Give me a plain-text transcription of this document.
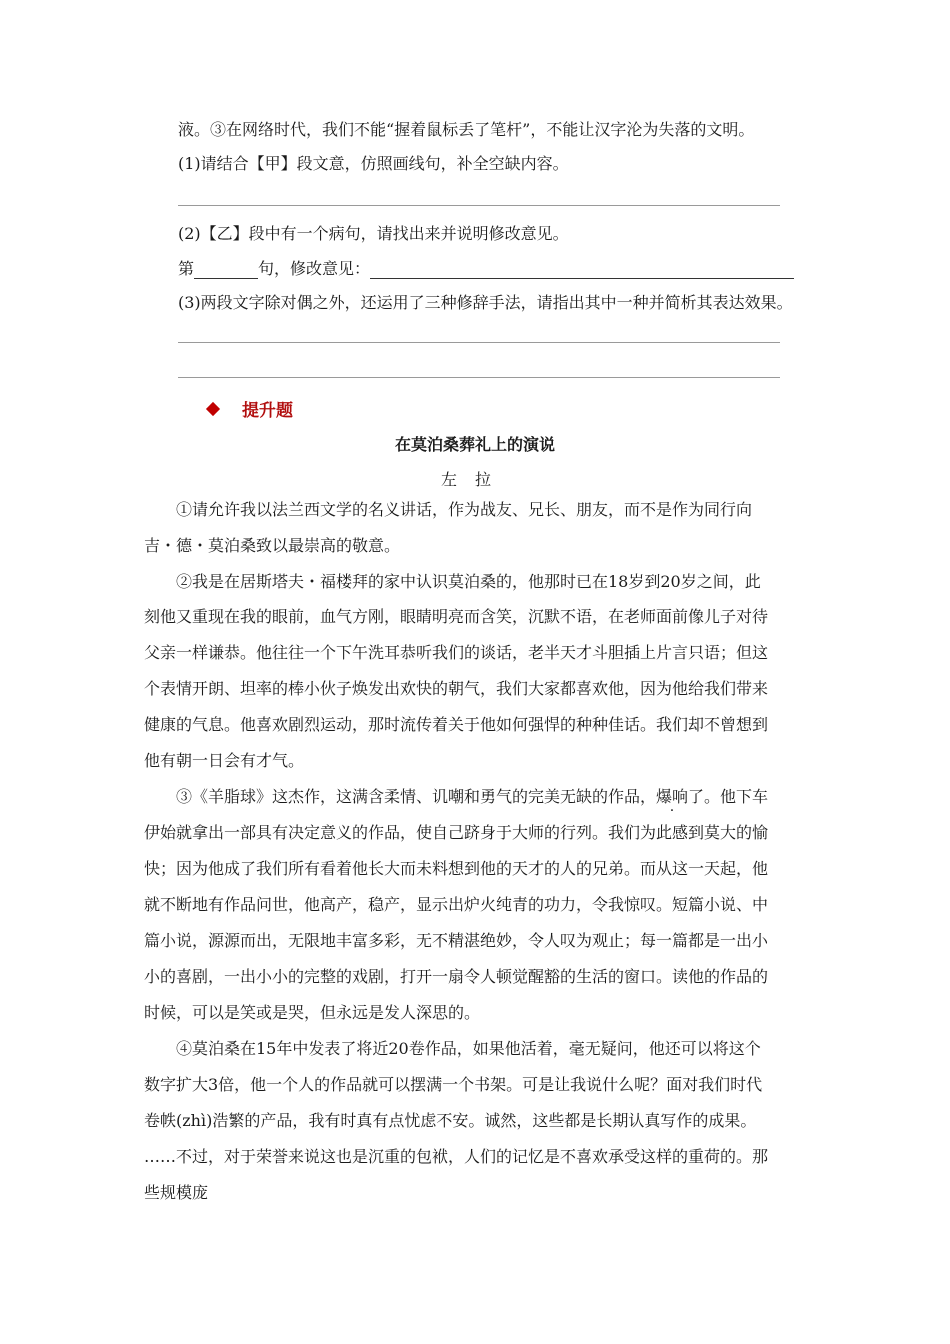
液。③在网络时代，我们不能“握着鼠标丢了笔杆”，不能让汉字沦为失落的文明。
(1)请结合【甲】段文意，仿照画线句，补全空缺内容。
(2)【乙】段中有一个病句，请找出来并说明修改意见。
第	句，修改意见：
(3)两段文字除对偶之外，还运用了三种修辞手法，请指出其中一种并简析其表达效果。
提升题
在莫泊桑葬礼上的演说
左拉
①请允许我以法兰西文学的名义讲话，作为战友、兄长、朋友，而不是作为同行向
吉・德・莫泊桑致以最崇高的敬意。
②我是在居斯塔夫・福楼拜的家中认识莫泊桑的，他那时已在18岁到20岁之间，此
刻他又重现在我的眼前，血气方刚，眼睛明亮而含笑，沉默不语，在老师面前像儿子对待
父亲一样谦恭。他往往一个下午洗耳恭听我们的谈话，老半天才斗胆插上片言只语；但这
个表情开朗、坦率的棒小伙子焕发出欢快的朝气，我们大家都喜欢他，因为他给我们带来
健康的气息。他喜欢剧烈运动，那时流传着关于他如何强悍的种种佳话。我们却不曾想到
他有朝一日会有才气。
③《羊脂球》这杰作，这满含柔情、讥嘲和勇气的完美无缺的作品，爆响了。他下车
伊始就拿出一部具有决定意义的作品，使自己跻身于大师的行列。我们为此感到莫大的愉
快；因为他成了我们所有看着他长大而未料想到他的天才的人的兄弟。而从这一天起，他
就不断地有作品问世，他高产，稳产，显示出炉火纯青的功力，令我惊叹。短篇小说、中
篇小说，源源而出，无限地丰富多彩，无不精湛绝妙，令人叹为观止；每一篇都是一出小
小的喜剧，一出小小的完整的戏剧，打开一扇令人顿觉醒豁的生活的窗口。读他的作品的
时候，可以是笑或是哭，但永远是发人深思的。
④莫泊桑在15年中发表了将近20卷作品，如果他活着，毫无疑问，他还可以将这个
数字扩大3倍，他一个人的作品就可以摆满一个书架。可是让我说什么呢？面对我们时代
卷帙(zhì)浩繁的产品，我有时真有点忧虑不安。诚然，这些都是长期认真写作的成果。
……不过，对于荣誉来说这也是沉重的包袱，人们的记忆是不喜欢承受这样的重荷的。那
些规模庞
